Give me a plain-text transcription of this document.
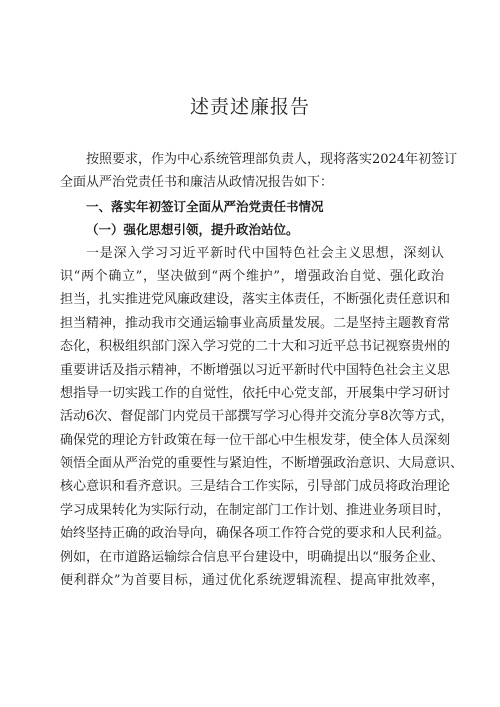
述责述廉报告
按照要求，作为中心系统管理部负责人，现将落实2024年初签订
全面从严治党责任书和廉洁从政情况报告如下：
一、落实年初签订全面从严治党责任书情况
（一）强化思想引领，提升政治站位。
一是深入学习习近平新时代中国特色社会主义思想，深刻认
识“两个确立”，坚决做到“两个维护”，增强政治自觉、强化政治
担当，扎实推进党风廉政建设，落实主体责任，不断强化责任意识和
担当精神，推动我市交通运输事业高质量发展。二是坚持主题教育常
态化，积极组织部门深入学习党的二十大和习近平总书记视察贵州的
重要讲话及指示精神，不断增强以习近平新时代中国特色社会主义思
想指导一切实践工作的自觉性，依托中心党支部，开展集中学习研讨
活动6次、督促部门内党员干部撰写学习心得并交流分享8次等方式，
确保党的理论方针政策在每一位干部心中生根发芽，使全体人员深刻
领悟全面从严治党的重要性与紧迫性，不断增强政治意识、大局意识、
核心意识和看齐意识。三是结合工作实际，引导部门成员将政治理论
学习成果转化为实际行动，在制定部门工作计划、推进业务项目时，
始终坚持正确的政治导向，确保各项工作符合党的要求和人民利益。
例如，在市道路运输综合信息平台建设中，明确提出以“服务企业、
便利群众”为首要目标，通过优化系统逻辑流程、提高审批效率，
